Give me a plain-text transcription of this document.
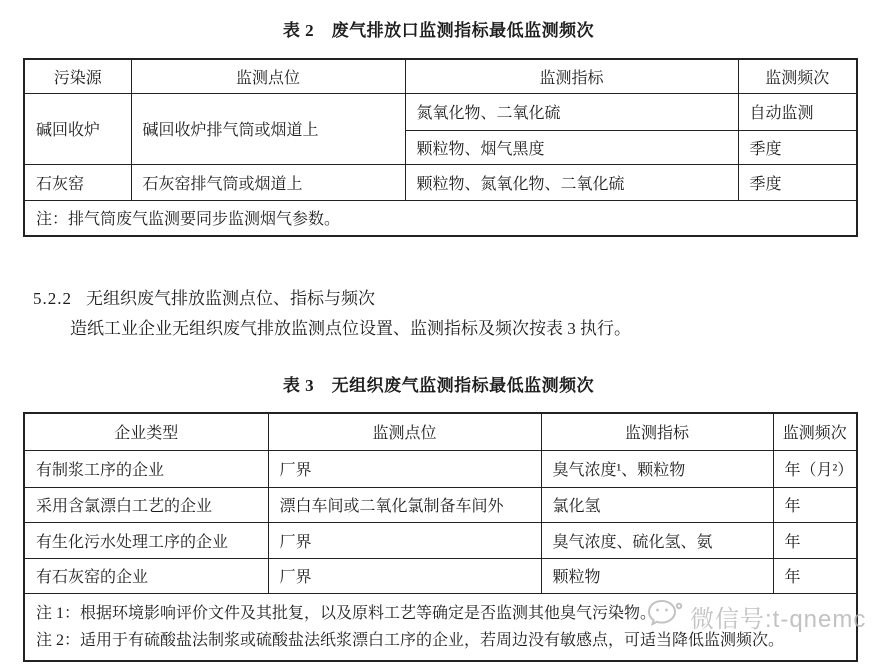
表 2　废气排放口监测指标最低监测频次
污染源	监测点位	监测指标	监测频次
碱回收炉	碱回收炉排气筒或烟道上	氮氧化物、二氧化硫	自动监测
		颗粒物、烟气黑度	季度
石灰窑	石灰窑排气筒或烟道上	颗粒物、氮氧化物、二氧化硫	季度
注：排气筒废气监测要同步监测烟气参数。			
5.2.2 无组织废气排放监测点位、指标与频次
造纸工业企业无组织废气排放监测点位设置、监测指标及频次按表 3 执行。
表 3　无组织废气监测指标最低监测频次
企业类型	监测点位	监测指标	监测频次
有制浆工序的企业	厂界	臭气浓度¹、颗粒物	年（月²）
采用含氯漂白工艺的企业	漂白车间或二氧化氯制备车间外	氯化氢	年
有生化污水处理工序的企业	厂界	臭气浓度、硫化氢、氨	年
有石灰窑的企业	厂界	颗粒物	年

注 1：根据环境影响评价文件及其批复，以及原料工艺等确定是否监测其他臭气污染物。
注 2：适用于有硫酸盐法制浆或硫酸盐法纸浆漂白工序的企业，若周边没有敏感点，可适当降低监测频次。			
微信号:t-qnemc
